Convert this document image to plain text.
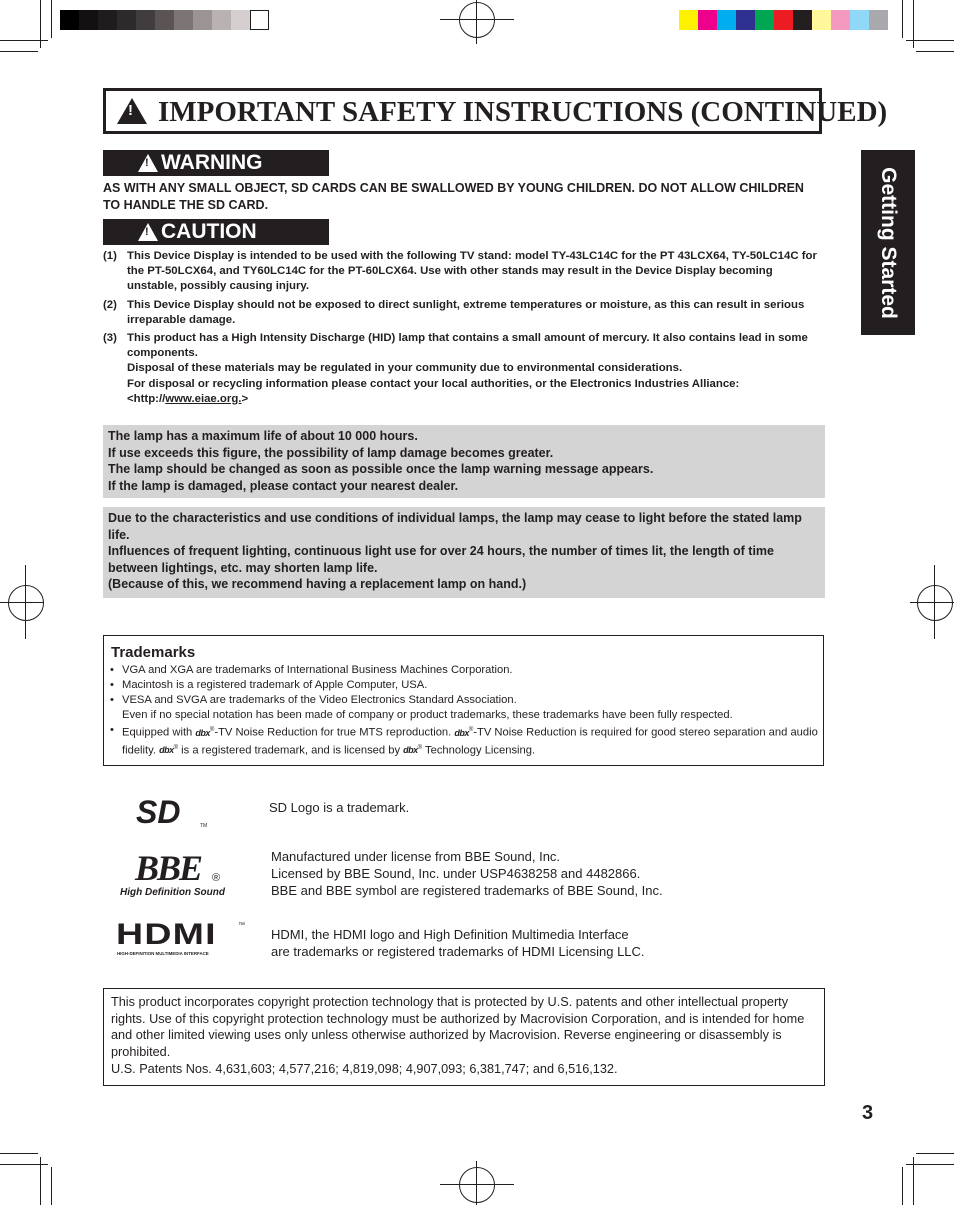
! IMPORTANT SAFETY INSTRUCTIONS (CONTINUED)
Getting Started
! WARNING
AS WITH ANY SMALL OBJECT, SD CARDS CAN BE SWALLOWED BY YOUNG CHILDREN. DO NOT ALLOW CHILDREN TO HANDLE THE SD CARD.
! CAUTION
(1) This Device Display is intended to be used with the following TV stand: model TY-43LC14C for the PT 43LCX64, TY-50LC14C for the PT-50LCX64, and TY60LC14C for the PT-60LCX64. Use with other stands may result in the Device Display becoming unstable, possibly causing injury.
(2) This Device Display should not be exposed to direct sunlight, extreme temperatures or moisture, as this can result in serious irreparable damage.
(3) This product has a High Intensity Discharge (HID) lamp that contains a small amount of mercury. It also contains lead in some components.
Disposal of these materials may be regulated in your community due to environmental considerations.
For disposal or recycling information please contact your local authorities, or the Electronics Industries Alliance:
<http://www.eiae.org.>
The lamp has a maximum life of about 10 000 hours.
If use exceeds this figure, the possibility of lamp damage becomes greater.
The lamp should be changed as soon as possible once the lamp warning message appears.
If the lamp is damaged, please contact your nearest dealer.
Due to the characteristics and use conditions of individual lamps, the lamp may cease to light before the stated lamp life.
Influences of frequent lighting, continuous light use for over 24 hours, the number of times lit, the length of time between lightings, etc. may shorten lamp life.
(Because of this, we recommend having a replacement lamp on hand.)
Trademarks
• VGA and XGA are trademarks of International Business Machines Corporation.
• Macintosh is a registered trademark of Apple Computer, USA.
• VESA and SVGA are trademarks of the Video Electronics Standard Association.
Even if no special notation has been made of company or product trademarks, these trademarks have been fully respected.
• Equipped with dbx®-TV Noise Reduction for true MTS reproduction. dbx®-TV Noise Reduction is required for good stereo separation and audio fidelity. dbx® is a registered trademark, and is licensed by dbx® Technology Licensing.
SD	TM
SD Logo is a trademark.
BBE ®
High Definition Sound
Manufactured under license from BBE Sound, Inc.
Licensed by BBE Sound, Inc. under USP4638258 and 4482866.
BBE and BBE symbol are registered trademarks of BBE Sound, Inc.
HDMI	™
HIGH-DEFINITION MULTIMEDIA INTERFACE
HDMI, the HDMI logo and High Definition Multimedia Interface
are trademarks or registered trademarks of HDMI Licensing LLC.
This product incorporates copyright protection technology that is protected by U.S. patents and other intellectual property rights. Use of this copyright protection technology must be authorized by Macrovision Corporation, and is intended for home and other limited viewing uses only unless otherwise authorized by Macrovision. Reverse engineering or disassembly is prohibited.
U.S. Patents Nos. 4,631,603; 4,577,216; 4,819,098; 4,907,093; 6,381,747; and 6,516,132.
3
